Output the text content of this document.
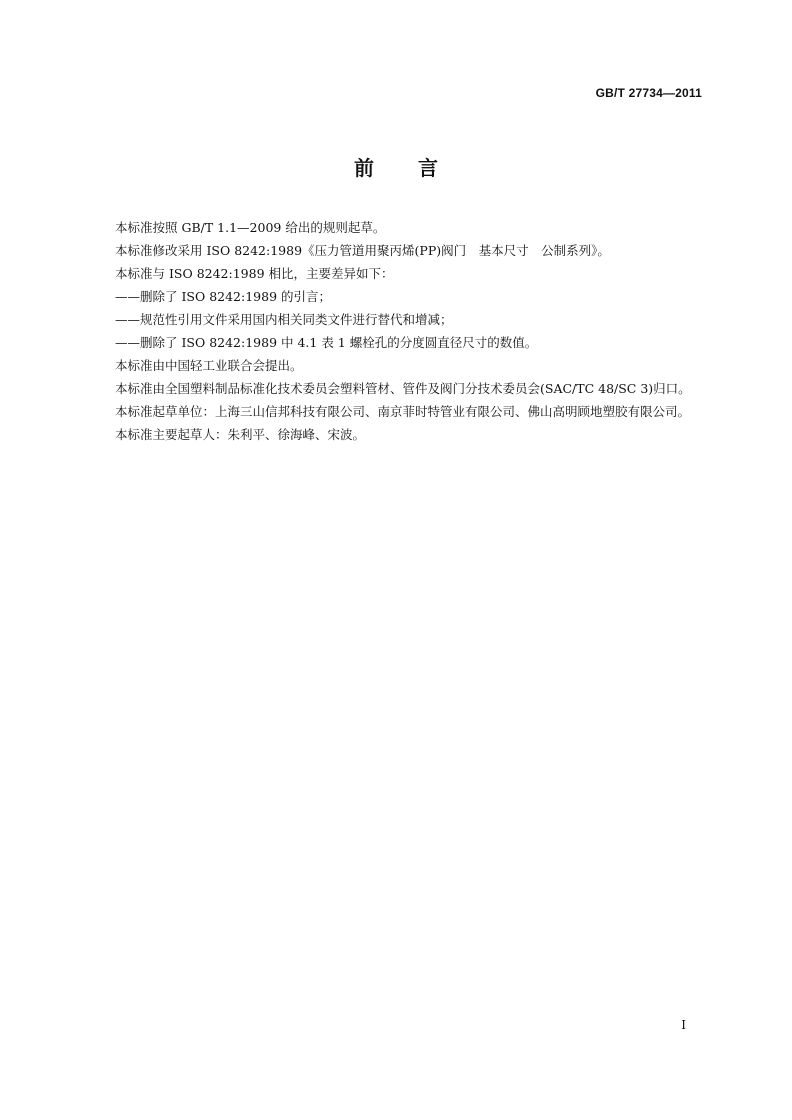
GB/T 27734—2011
前 言

本标准按照 GB/T 1.1—2009 给出的规则起草。

本标准修改采用 ISO 8242:1989《压力管道用聚丙烯(PP)阀门　基本尺寸　公制系列》。

本标准与 ISO 8242:1989 相比，主要差异如下：

——删除了 ISO 8242:1989 的引言；

——规范性引用文件采用国内相关同类文件进行替代和增减；

——删除了 ISO 8242:1989 中 4.1 表 1 螺栓孔的分度圆直径尺寸的数值。

本标准由中国轻工业联合会提出。

本标准由全国塑料制品标准化技术委员会塑料管材、管件及阀门分技术委员会(SAC/TC 48/SC 3)归口。

本标准起草单位：上海三山信邦科技有限公司、南京菲时特管业有限公司、佛山高明顾地塑胶有限公司。

本标准主要起草人：朱利平、徐海峰、宋波。

I
